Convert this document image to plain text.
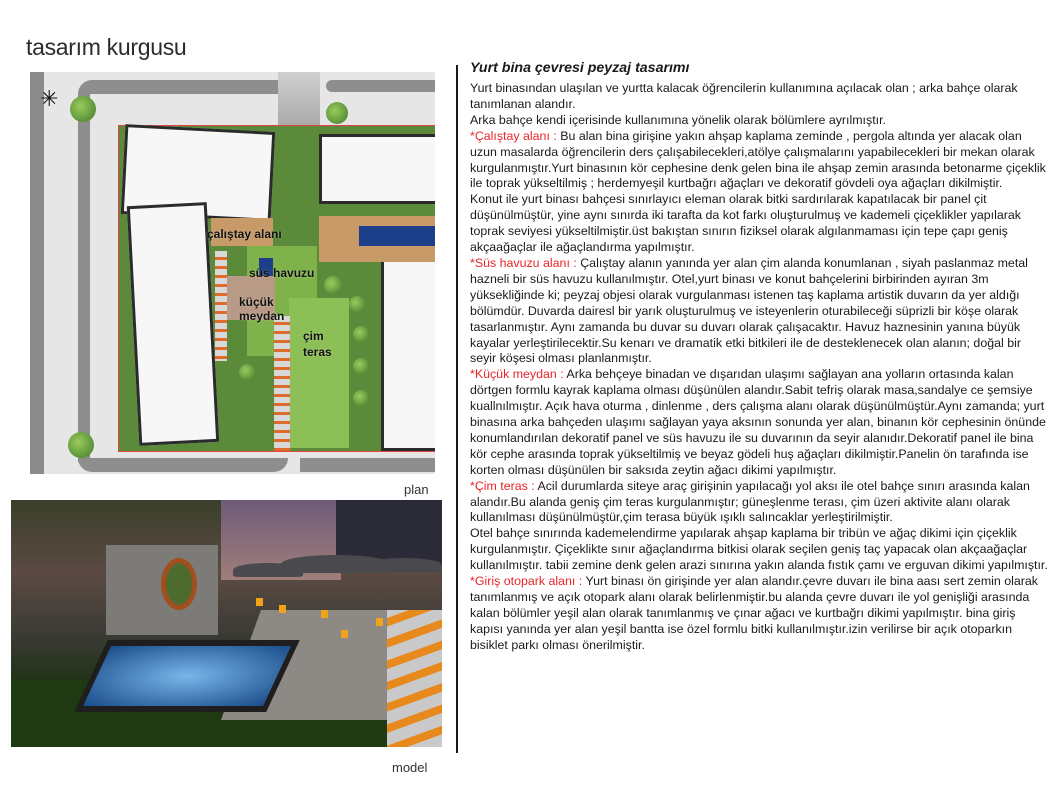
tasarım kurgusu
✳
çalıştay alanı
süs havuzu
küçük
meydan
çim
teras
plan
model
Yurt bina çevresi peyzaj tasarımı

Yurt binasından ulaşılan ve yurtta kalacak öğrencilerin kullanımına açılacak olan ; arka bahçe olarak tanımlanan alandır.

Arka bahçe kendi içerisinde kullanımına yönelik olarak bölümlere ayrılmıştır.

*Çalıştay alanı : Bu alan bina girişine yakın ahşap kaplama zeminde , pergola altında yer alacak olan uzun masalarda öğrencilerin ders çalışabilecekleri,atölye çalışmalarını yapabilecekleri bir mekan olarak kurgulanmıştır.Yurt binasının kör cephesine denk gelen bina ile ahşap zemin arasında betonarme çiçeklik ile toprak yükseltilmiş ; herdemyeşil kurtbağrı ağaçları ve dekoratif gövdeli oya ağaçları dikilmiştir.

Konut ile yurt binası bahçesi sınırlayıcı eleman olarak bitki sardırılarak kapatılacak bir panel çit düşünülmüştür, yine aynı sınırda iki tarafta da kot farkı oluşturulmuş ve kademeli çiçeklikler yapılarak toprak seviyesi yükseltilmiştir.üst bakıştan sınırın fiziksel olarak algılanmaması için tepe çapı geniş akçaağaçlar ile ağaçlandırma yapılmıştır.

*Süs havuzu alanı : Çalıştay alanın yanında yer alan çim alanda konumlanan , siyah paslanmaz metal hazneli bir süs havuzu kullanılmıştır. Otel,yurt binası ve konut bahçelerini birbirinden ayıran 3m yüksekliğinde ki; peyzaj objesi olarak vurgulanması istenen taş kaplama artistik duvarın da yer aldığı bölümdür. Duvarda dairesl bir yarık oluşturulmuş ve isteyenlerin oturabileceği süprizli bir köşe olarak tasarlanmıştır. Aynı zamanda bu duvar su duvarı olarak çalışacaktır. Havuz haznesinin yanına büyük kayalar yerleştirilecektir.Su kenarı ve dramatik etki bitkileri ile de desteklenecek olan alanın; doğal bir seyir köşesi olması planlanmıştır.

*Küçük meydan : Arka behçeye binadan ve dışarıdan ulaşımı sağlayan ana yolların ortasında kalan dörtgen formlu kayrak kaplama olması düşünülen alandır.Sabit tefriş olarak masa,sandalye ce şemsiye kuallnılmıştır. Açık hava oturma , dinlenme , ders çalışma alanı olarak düşünülmüştür.Aynı zamanda; yurt binasına arka bahçeden ulaşımı sağlayan yaya aksının sonunda yer alan, binanın kör cephesinin önünde konumlandırılan dekoratif panel ve süs havuzu ile su duvarının da seyir alanıdır.Dekoratif panel ile bina kör cephe arasında toprak yükseltilmiş ve beyaz gödeli huş ağaçları dikilmiştir.Panelin ön tarafında ise korten olması düşünülen bir saksıda zeytin ağacı dikimi yapılmıştır.

*Çim teras : Acil durumlarda siteye araç girişinin yapılacağı yol aksı ile otel bahçe sınırı arasında kalan alandır.Bu alanda geniş çim teras kurgulanmıştır; güneşlenme terası, çim üzeri aktivite alanı olarak kullanılması düşünülmüştür,çim terasa büyük ışıklı salıncaklar yerleştirilmiştir.

Otel bahçe sınırında kademelendirme yapılarak ahşap kaplama bir tribün ve ağaç dikimi için çiçeklik kurgulanmıştır. Çiçeklikte sınır ağaçlandırma bitkisi olarak seçilen geniş taç yapacak olan akçaağaçlar kullanılmıştır. tabii zemine denk gelen arazi sınırına yakın alanda fıstık çamı ve erguvan dikimi yapılmıştır.

*Giriş otopark alanı : Yurt binası ön girişinde yer alan alandır.çevre duvarı ile bina aası sert zemin olarak tanımlanmış ve açık otopark alanı olarak belirlenmiştir.bu alanda çevre duvarı ile yol genişliği arasında kalan bölümler yeşil alan olarak tanımlanmış ve çınar ağacı ve kurtbağrı dikimi yapılmıştır. bina giriş kapısı yanında yer alan yeşil bantta ise özel formlu bitki kullanılmıştır.izin verilirse bir açık otoparkın bisiklet parkı olması önerilmiştir.
